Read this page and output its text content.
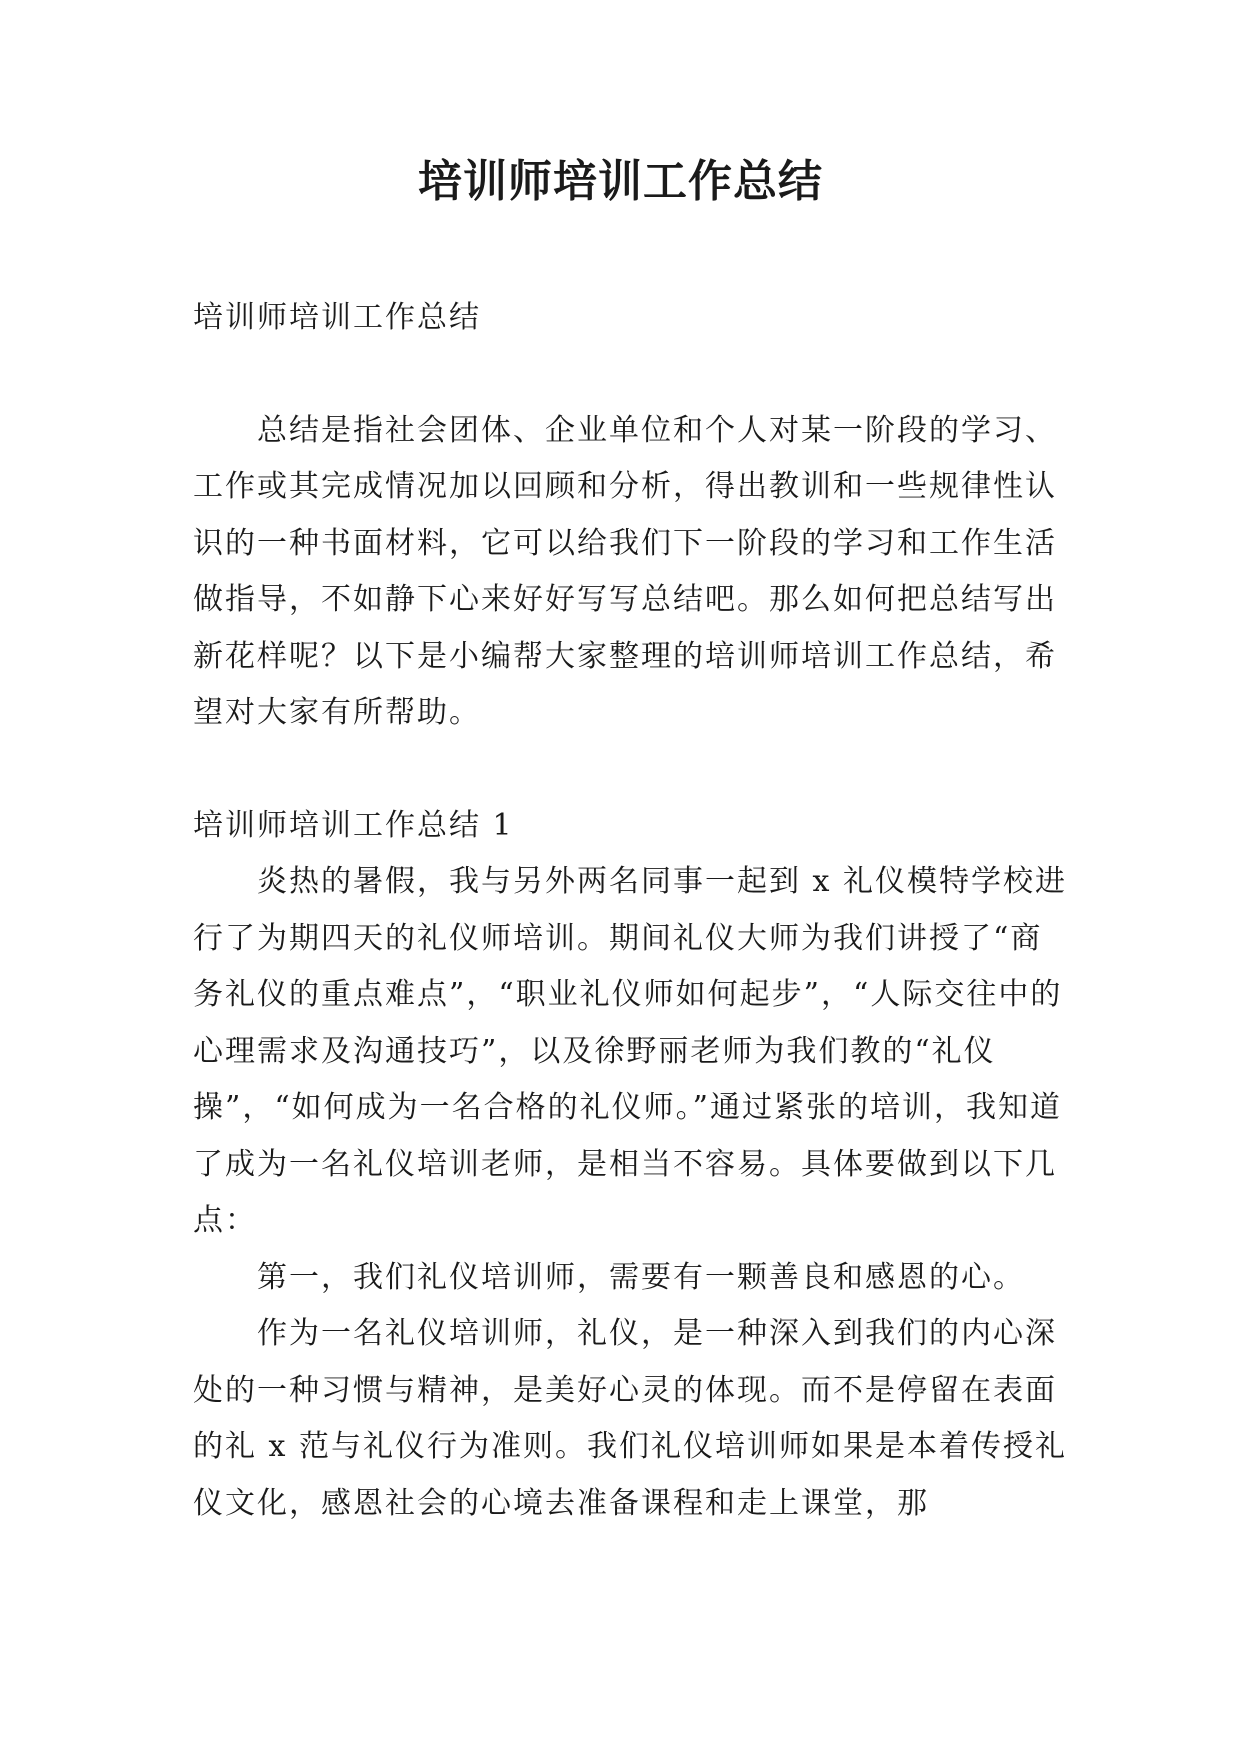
培训师培训工作总结

培训师培训工作总结

总结是指社会团体、企业单位和个人对某一阶段的学习、工作或其完成情况加以回顾和分析，得出教训和一些规律性认识的一种书面材料，它可以给我们下一阶段的学习和工作生活做指导，不如静下心来好好写写总结吧。那么如何把总结写出新花样呢？以下是小编帮大家整理的培训师培训工作总结，希望对大家有所帮助。

培训师培训工作总结 1

炎热的暑假，我与另外两名同事一起到 x 礼仪模特学校进行了为期四天的礼仪师培训。期间礼仪大师为我们讲授了“商务礼仪的重点难点”，“职业礼仪师如何起步”，“人际交往中的心理需求及沟通技巧”，以及徐野丽老师为我们教的“礼仪操”，“如何成为一名合格的礼仪师。”通过紧张的培训，我知道了成为一名礼仪培训老师，是相当不容易。具体要做到以下几点：

第一，我们礼仪培训师，需要有一颗善良和感恩的心。

作为一名礼仪培训师，礼仪，是一种深入到我们的内心深处的一种习惯与精神，是美好心灵的体现。而不是停留在表面的礼 x 范与礼仪行为准则。我们礼仪培训师如果是本着传授礼仪文化，感恩社会的心境去准备课程和走上课堂，那
